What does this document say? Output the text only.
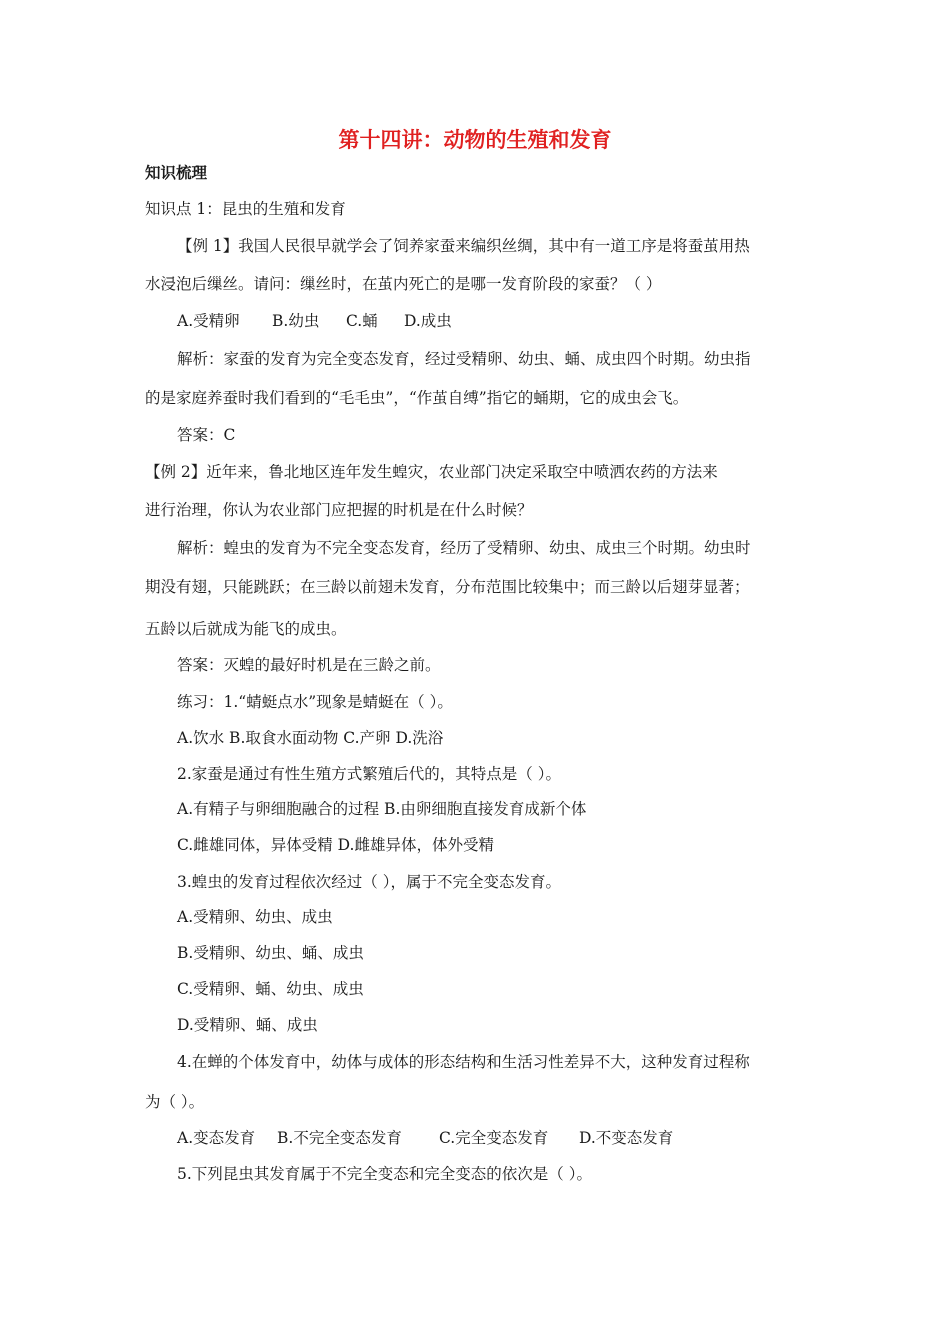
第十四讲：动物的生殖和发育
知识梳理
知识点 1：昆虫的生殖和发育
【例 1】我国人民很早就学会了饲养家蚕来编织丝绸，其中有一道工序是将蚕茧用热
水浸泡后缫丝。请问：缫丝时，在茧内死亡的是哪一发育阶段的家蚕？（ ）
A.受精卵 B.幼虫 C.蛹 D.成虫
解析：家蚕的发育为完全变态发育，经过受精卵、幼虫、蛹、成虫四个时期。幼虫指
的是家庭养蚕时我们看到的“毛毛虫”，“作茧自缚”指它的蛹期，它的成虫会飞。
答案：C
【例 2】近年来，鲁北地区连年发生蝗灾，农业部门决定采取空中喷洒农药的方法来
进行治理，你认为农业部门应把握的时机是在什么时候？
解析：蝗虫的发育为不完全变态发育，经历了受精卵、幼虫、成虫三个时期。幼虫时
期没有翅，只能跳跃；在三龄以前翅未发育，分布范围比较集中；而三龄以后翅芽显著；
五龄以后就成为能飞的成虫。
答案：灭蝗的最好时机是在三龄之前。
练习：1.“蜻蜓点水”现象是蜻蜓在（ ）。
A.饮水 B.取食水面动物 C.产卵 D.洗浴
2.家蚕是通过有性生殖方式繁殖后代的，其特点是（ ）。
A.有精子与卵细胞融合的过程 B.由卵细胞直接发育成新个体
C.雌雄同体，异体受精 D.雌雄异体，体外受精
3.蝗虫的发育过程依次经过（ ），属于不完全变态发育。
A.受精卵、幼虫、成虫
B.受精卵、幼虫、蛹、成虫
C.受精卵、蛹、幼虫、成虫
D.受精卵、蛹、成虫
4.在蝉的个体发育中，幼体与成体的形态结构和生活习性差异不大，这种发育过程称
为（ ）。
A.变态发育 B.不完全变态发育 C.完全变态发育 D.不变态发育
5.下列昆虫其发育属于不完全变态和完全变态的依次是（ ）。
